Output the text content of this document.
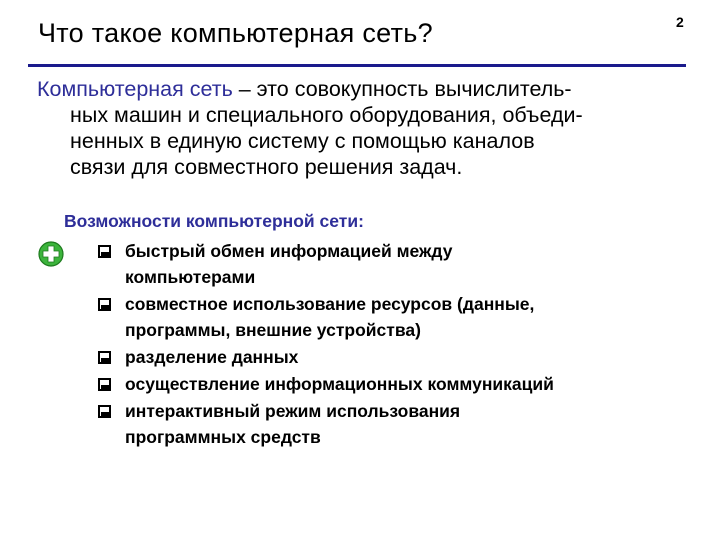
Что такое компьютерная сеть?	2
Компьютерная сеть – это совокупность вычислитель-
ных машин и специального оборудования, объеди-
ненных в единую систему с помощью каналов
связи для совместного решения задач.
Возможности компьютерной сети:
быстрый обмен информацией между
компьютерами
совместное использование ресурсов (данные,
программы, внешние устройства)
разделение данных
осуществление информационных коммуникаций
интерактивный режим использования
программных средств
